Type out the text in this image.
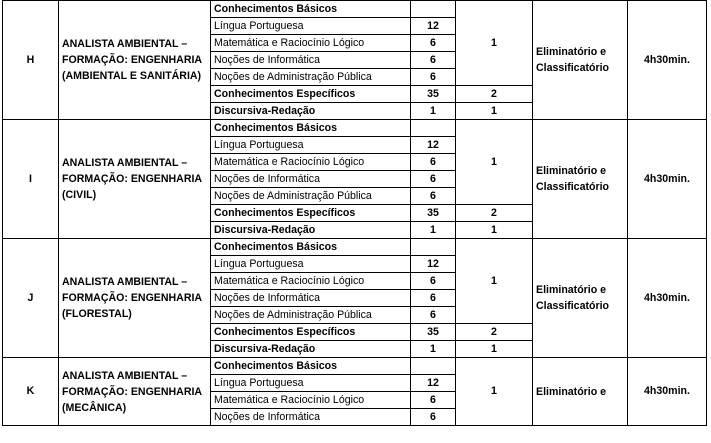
H	ANALISTA AMBIENTAL – FORMAÇÃO: ENGENHARIA (AMBIENTAL E SANITÁRIA)	Conhecimentos Básicos		1	Eliminatório e Classificatório	4h30min.
		Língua Portuguesa	12			
		Matemática e Raciocínio Lógico	6			
		Noções de Informática	6			
		Noções de Administração Pública	6			
		Conhecimentos Específicos	35	2		
		Discursiva-Redação	1	1		
I	ANALISTA AMBIENTAL – FORMAÇÃO: ENGENHARIA (CIVIL)	Conhecimentos Básicos		1	Eliminatório e Classificatório	4h30min.
		Língua Portuguesa	12			
		Matemática e Raciocínio Lógico	6			
		Noções de Informática	6			
		Noções de Administração Pública	6			
		Conhecimentos Específicos	35	2		
		Discursiva-Redação	1	1		
J	ANALISTA AMBIENTAL – FORMAÇÃO: ENGENHARIA (FLORESTAL)	Conhecimentos Básicos		1	Eliminatório e Classificatório	4h30min.
		Língua Portuguesa	12			
		Matemática e Raciocínio Lógico	6			
		Noções de Informática	6			
		Noções de Administração Pública	6			
		Conhecimentos Específicos	35	2		
		Discursiva-Redação	1	1		
K	ANALISTA AMBIENTAL – FORMAÇÃO: ENGENHARIA (MECÂNICA)	Conhecimentos Básicos		1	Eliminatório e	4h30min.
		Língua Portuguesa	12			
		Matemática e Raciocínio Lógico	6			
		Noções de Informática	6			
